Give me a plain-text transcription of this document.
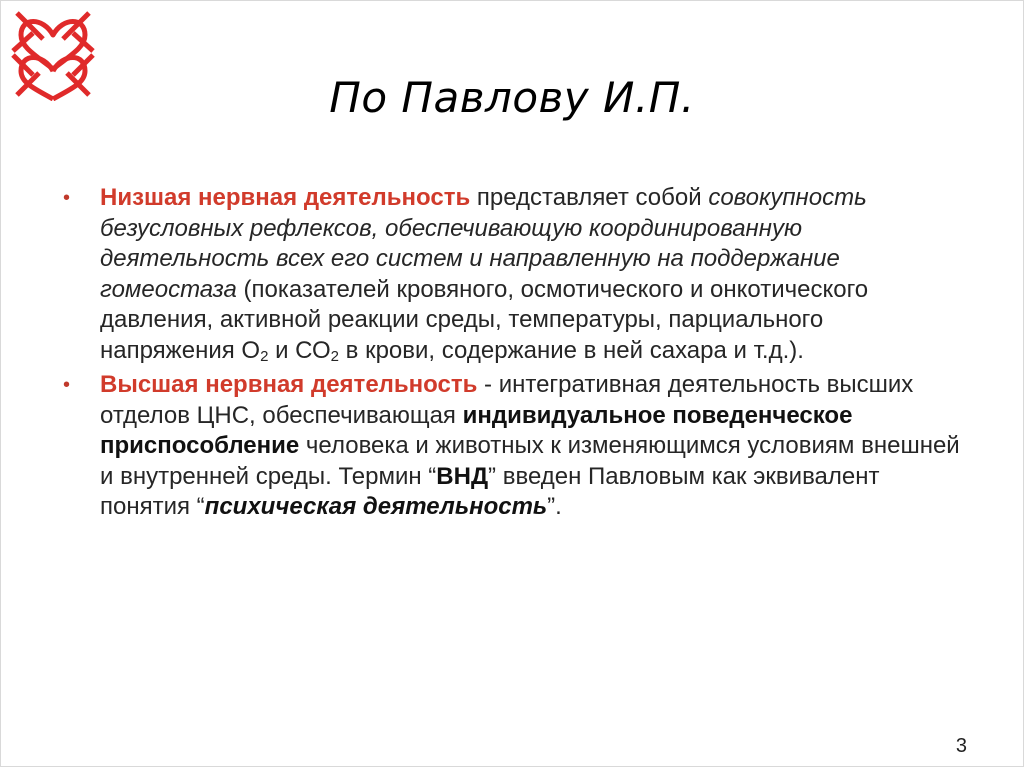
По Павлову И.П.
• Низшая нервная деятельность представляет собой совокупность безусловных рефлексов, обеспечивающую координированную деятельность всех его систем и направленную на поддержание гомеостаза (показателей кровяного, осмотического и онкотического давления, активной реакции среды, температуры, парциального напряжения $О_2$ и $СО_2$ в крови, содержание в ней сахара и т.д.).
• Высшая нервная деятельность - интегративная деятельность высших отделов ЦНС, обеспечивающая индивидуальное поведенческое приспособление человека и животных к изменяющимся условиям внешней и внутренней среды. Термин “ВНД” введен Павловым как эквивалент понятия “психическая деятельность”.
3
